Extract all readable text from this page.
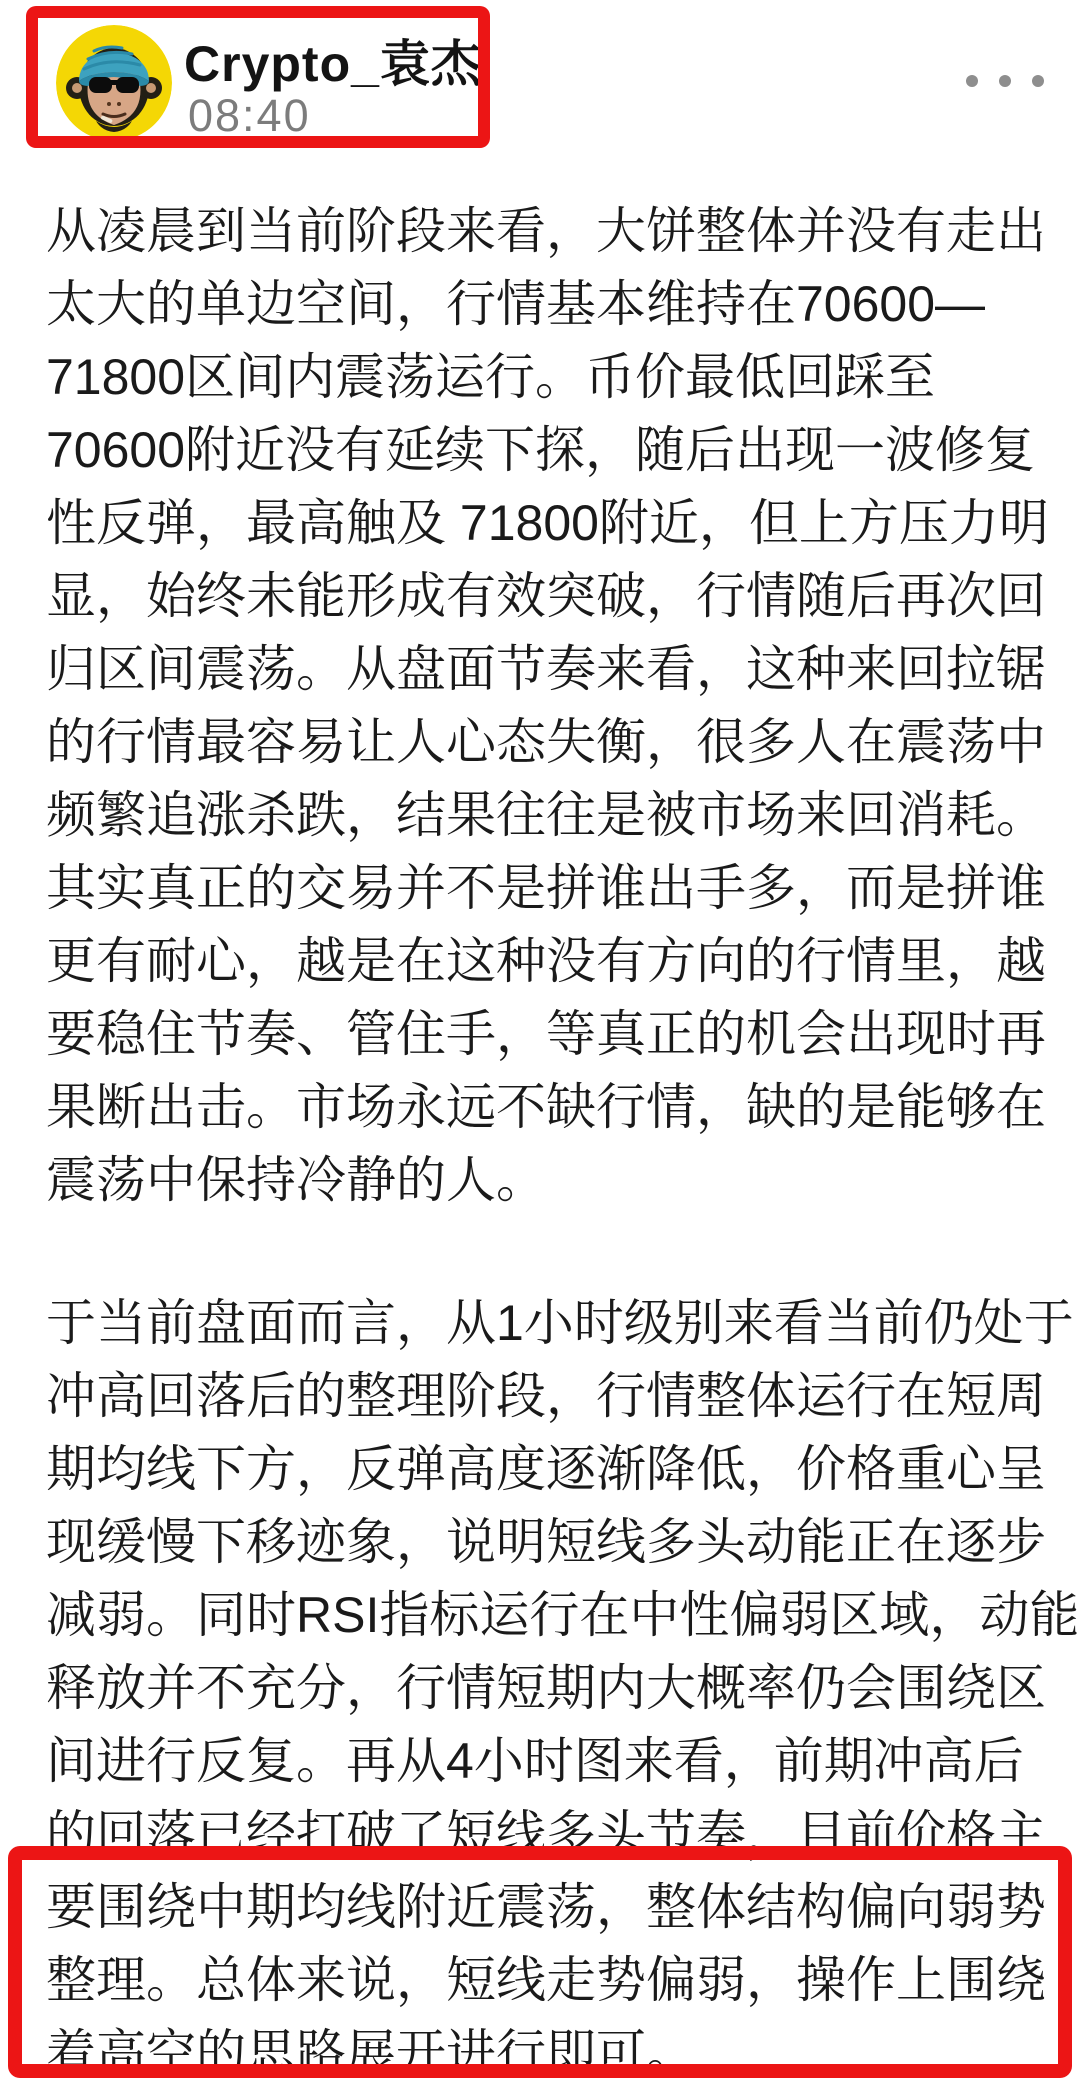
Crypto_袁杰
08:40
从凌晨到当前阶段来看，大饼整体并没有走出
太大的单边空间，行情基本维持在70600—
71800区间内震荡运行。币价最低回踩至
70600附近没有延续下探，随后出现一波修复
性反弹，最高触及 71800附近，但上方压力明
显，始终未能形成有效突破，行情随后再次回
归区间震荡。从盘面节奏来看，这种来回拉锯
的行情最容易让人心态失衡，很多人在震荡中
频繁追涨杀跌，结果往往是被市场来回消耗。
其实真正的交易并不是拼谁出手多，而是拼谁
更有耐心，越是在这种没有方向的行情里，越
要稳住节奏、管住手，等真正的机会出现时再
果断出击。市场永远不缺行情，缺的是能够在
震荡中保持冷静的人。
于当前盘面而言，从1小时级别来看当前仍处于
冲高回落后的整理阶段，行情整体运行在短周
期均线下方，反弹高度逐渐降低，价格重心呈
现缓慢下移迹象，说明短线多头动能正在逐步
减弱。同时RSI指标运行在中性偏弱区域，动能
释放并不充分，行情短期内大概率仍会围绕区
间进行反复。再从4小时图来看，前期冲高后
的回落已经打破了短线多头节奏，目前价格主
要围绕中期均线附近震荡，整体结构偏向弱势
整理。总体来说，短线走势偏弱，操作上围绕
着高空的思路展开进行即可。
